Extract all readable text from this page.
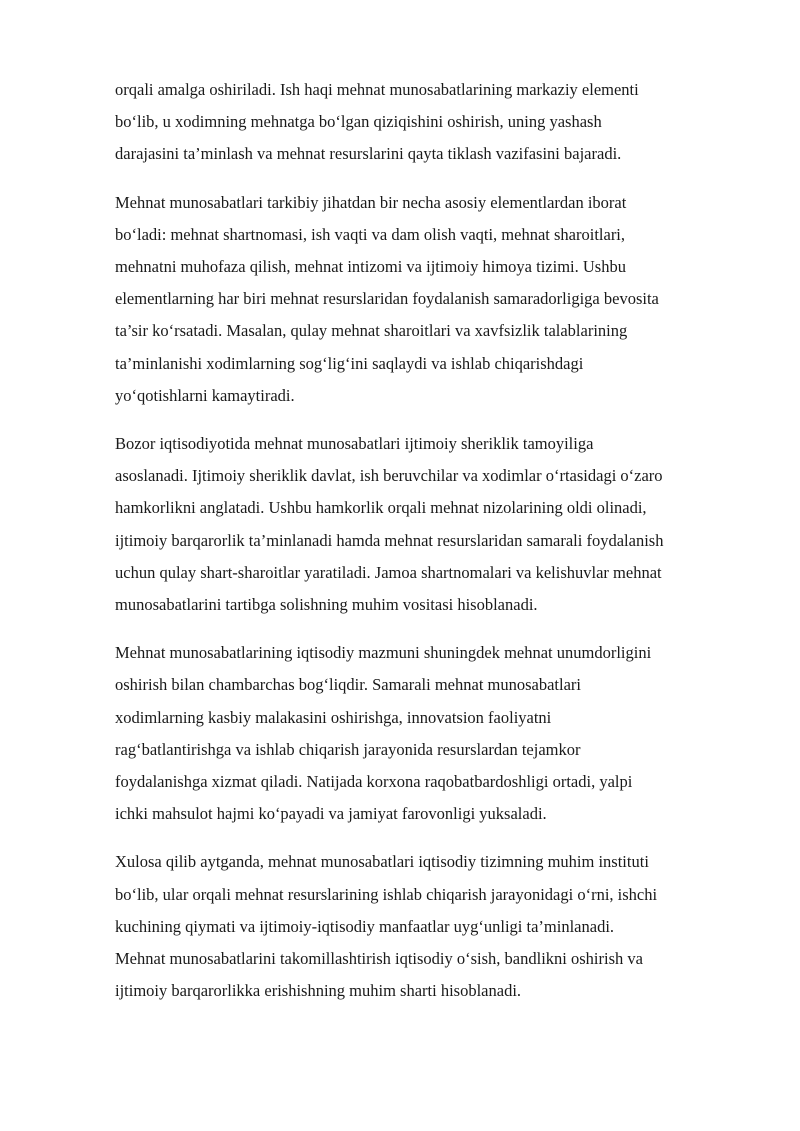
orqali amalga oshiriladi. Ish haqi mehnat munosabatlarining markaziy elementi
bo‘lib, u xodimning mehnatga bo‘lgan qiziqishini oshirish, uning yashash
darajasini ta’minlash va mehnat resurslarini qayta tiklash vazifasini bajaradi.

Mehnat munosabatlari tarkibiy jihatdan bir necha asosiy elementlardan iborat
bo‘ladi: mehnat shartnomasi, ish vaqti va dam olish vaqti, mehnat sharoitlari,
mehnatni muhofaza qilish, mehnat intizomi va ijtimoiy himoya tizimi. Ushbu
elementlarning har biri mehnat resurslaridan foydalanish samaradorligiga bevosita
ta’sir ko‘rsatadi. Masalan, qulay mehnat sharoitlari va xavfsizlik talablarining
ta’minlanishi xodimlarning sog‘lig‘ini saqlaydi va ishlab chiqarishdagi
yo‘qotishlarni kamaytiradi.

Bozor iqtisodiyotida mehnat munosabatlari ijtimoiy sheriklik tamoyiliga
asoslanadi. Ijtimoiy sheriklik davlat, ish beruvchilar va xodimlar o‘rtasidagi o‘zaro
hamkorlikni anglatadi. Ushbu hamkorlik orqali mehnat nizolarining oldi olinadi,
ijtimoiy barqarorlik ta’minlanadi hamda mehnat resurslaridan samarali foydalanish
uchun qulay shart-sharoitlar yaratiladi. Jamoa shartnomalari va kelishuvlar mehnat
munosabatlarini tartibga solishning muhim vositasi hisoblanadi.

Mehnat munosabatlarining iqtisodiy mazmuni shuningdek mehnat unumdorligini
oshirish bilan chambarchas bog‘liqdir. Samarali mehnat munosabatlari
xodimlarning kasbiy malakasini oshirishga, innovatsion faoliyatni
rag‘batlantirishga va ishlab chiqarish jarayonida resurslardan tejamkor
foydalanishga xizmat qiladi. Natijada korxona raqobatbardoshligi ortadi, yalpi
ichki mahsulot hajmi ko‘payadi va jamiyat farovonligi yuksaladi.

Xulosa qilib aytganda, mehnat munosabatlari iqtisodiy tizimning muhim instituti
bo‘lib, ular orqali mehnat resurslarining ishlab chiqarish jarayonidagi o‘rni, ishchi
kuchining qiymati va ijtimoiy-iqtisodiy manfaatlar uyg‘unligi ta’minlanadi.
Mehnat munosabatlarini takomillashtirish iqtisodiy o‘sish, bandlikni oshirish va
ijtimoiy barqarorlikka erishishning muhim sharti hisoblanadi.
